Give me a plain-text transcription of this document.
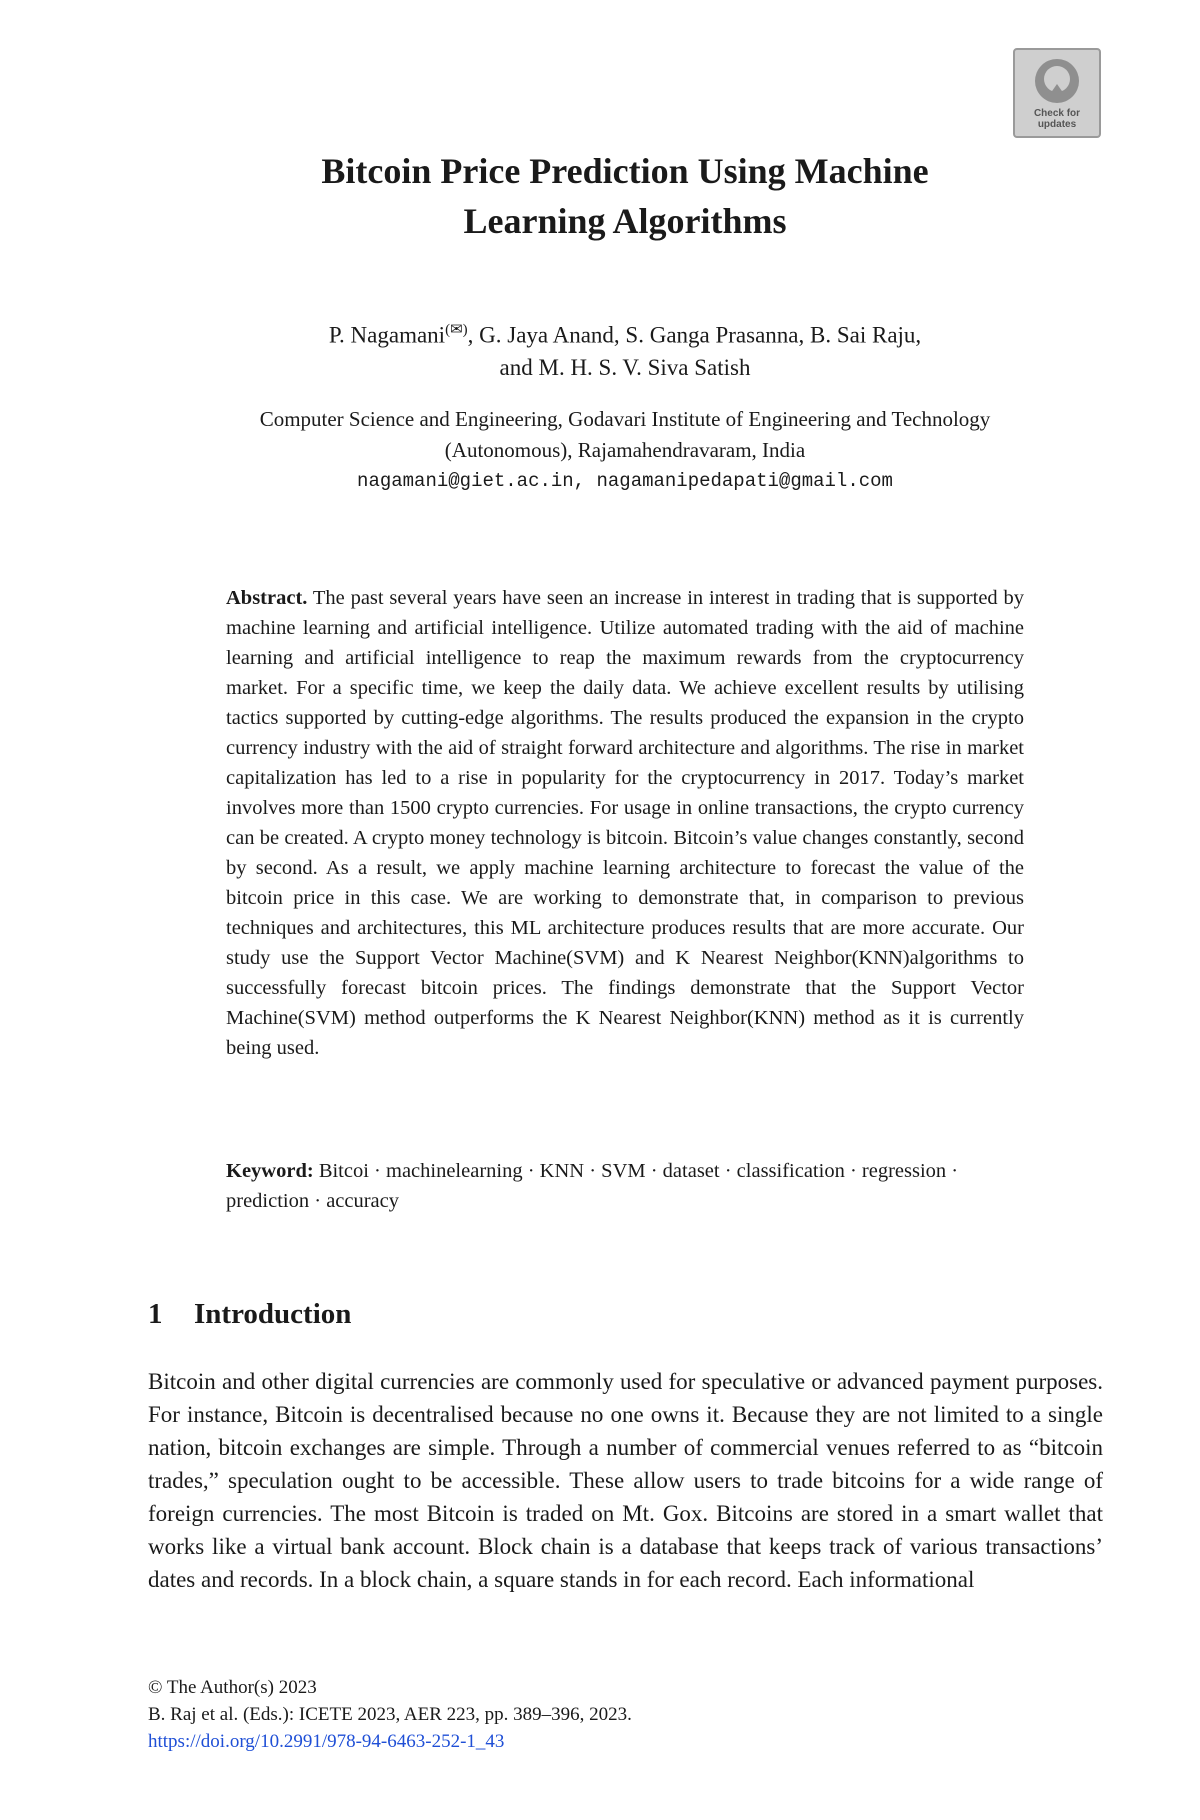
Check for
updates
Bitcoin Price Prediction Using Machine
Learning Algorithms
P. Nagamani(✉), G. Jaya Anand, S. Ganga Prasanna, B. Sai Raju,
and M. H. S. V. Siva Satish
Computer Science and Engineering, Godavari Institute of Engineering and Technology
(Autonomous), Rajamahendravaram, India
nagamani@giet.ac.in, nagamanipedapati@gmail.com
Abstract. The past several years have seen an increase in interest in trading that is supported by machine learning and artificial intelligence. Utilize automated trading with the aid of machine learning and artificial intelligence to reap the maximum rewards from the cryptocurrency market. For a specific time, we keep the daily data. We achieve excellent results by utilising tactics supported by cutting-edge algorithms. The results produced the expansion in the crypto currency industry with the aid of straight forward architecture and algorithms. The rise in market capitalization has led to a rise in popularity for the cryptocurrency in 2017. Today’s market involves more than 1500 crypto currencies. For usage in online transactions, the crypto currency can be created. A crypto money technology is bitcoin. Bitcoin’s value changes constantly, second by second. As a result, we apply machine learning architecture to forecast the value of the bitcoin price in this case. We are working to demonstrate that, in comparison to previous techniques and architectures, this ML architecture produces results that are more accurate. Our study use the Support Vector Machine(SVM) and K Nearest Neighbor(KNN)algorithms to successfully forecast bitcoin prices. The findings demonstrate that the Support Vector Machine(SVM) method outperforms the K Nearest Neighbor(KNN) method as it is currently being used.
Keyword: Bitcoi · machinelearning · KNN · SVM · dataset · classification · regression · prediction · accuracy
1 Introduction
Bitcoin and other digital currencies are commonly used for speculative or advanced payment purposes. For instance, Bitcoin is decentralised because no one owns it. Because they are not limited to a single nation, bitcoin exchanges are simple. Through a number of commercial venues referred to as “bitcoin trades,” speculation ought to be accessible. These allow users to trade bitcoins for a wide range of foreign currencies. The most Bitcoin is traded on Mt. Gox. Bitcoins are stored in a smart wallet that works like a virtual bank account. Block chain is a database that keeps track of various transactions’ dates and records. In a block chain, a square stands in for each record. Each informational
© The Author(s) 2023
B. Raj et al. (Eds.): ICETE 2023, AER 223, pp. 389–396, 2023.
https://doi.org/10.2991/978-94-6463-252-1_43
